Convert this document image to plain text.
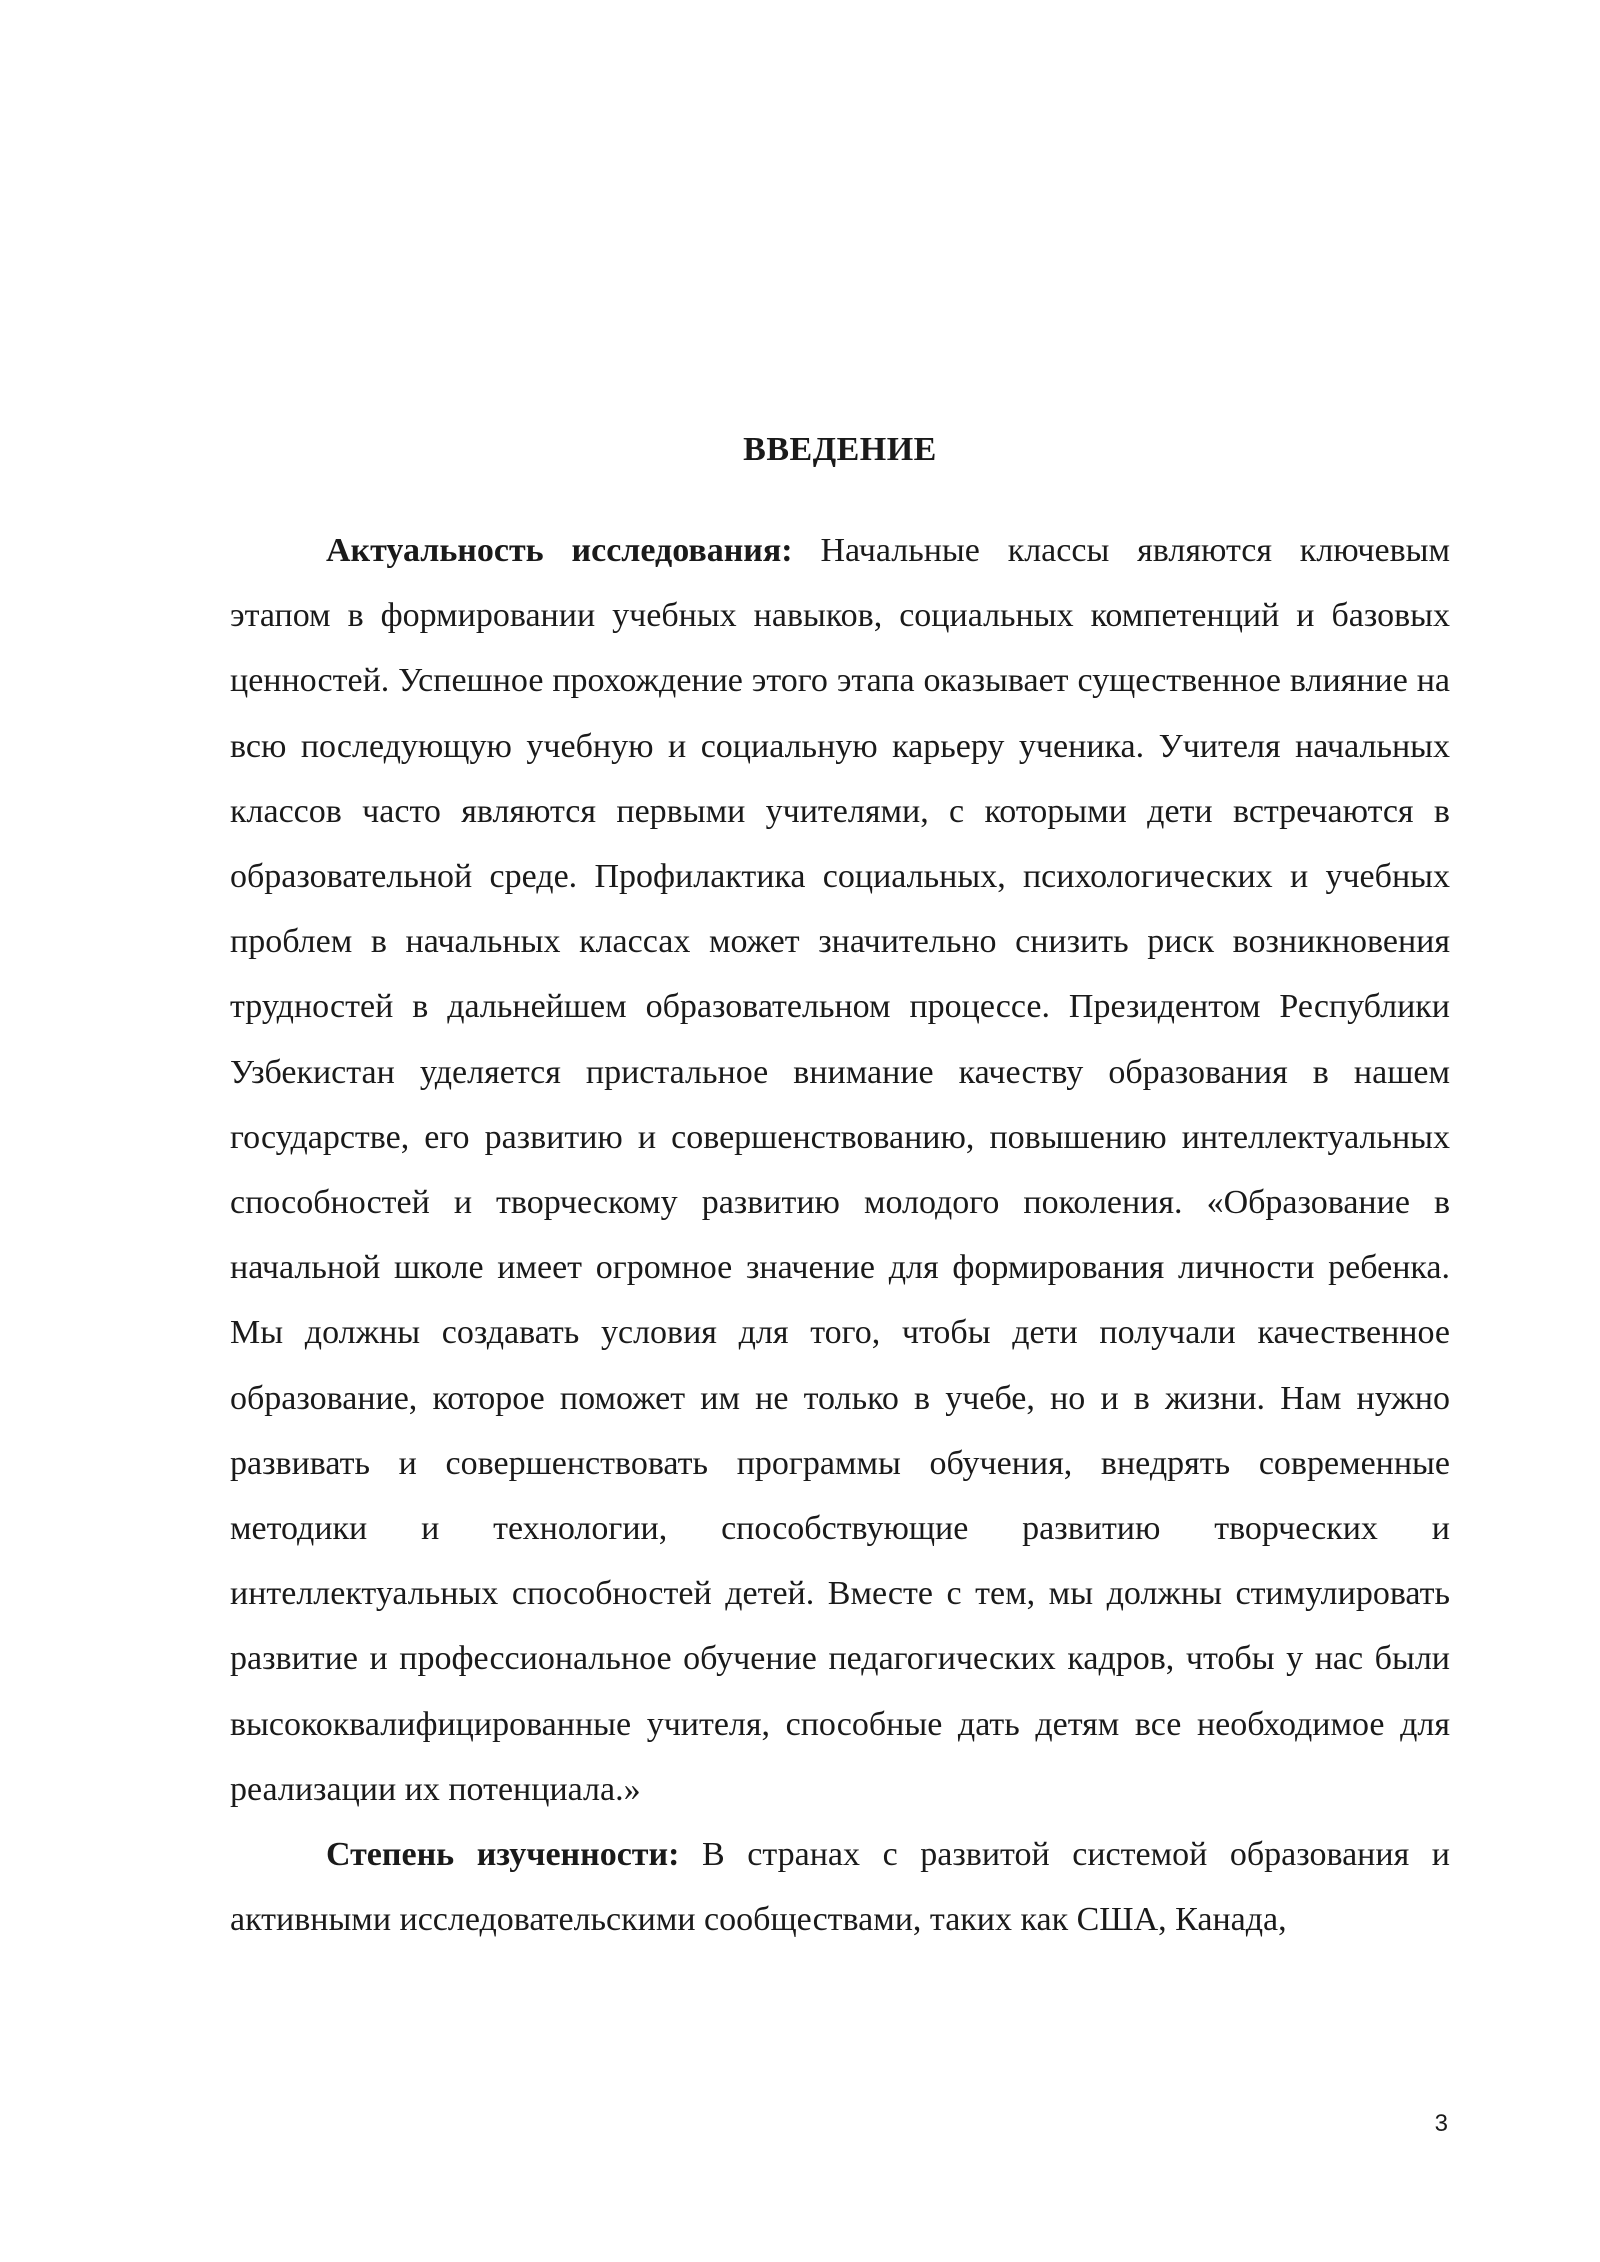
ВВЕДЕНИЕ

Актуальность исследования: Начальные классы являются ключевым этапом в формировании учебных навыков, социальных компетенций и базовых ценностей. Успешное прохождение этого этапа оказывает существенное влияние на всю последующую учебную и социальную карьеру ученика. Учителя начальных классов часто являются первыми учителями, с которыми дети встречаются в образовательной среде. Профилактика социальных, психологических и учебных проблем в начальных классах может значительно снизить риск возникновения трудностей в дальнейшем образовательном процессе. Президентом Республики Узбекистан уделяется пристальное внимание качеству образования в нашем государстве, его развитию и совершенствованию, повышению интеллектуальных способностей и творческому развитию молодого поколения. «Образование в начальной школе имеет огромное значение для формирования личности ребенка. Мы должны создавать условия для того, чтобы дети получали качественное образование, которое поможет им не только в учебе, но и в жизни. Нам нужно развивать и совершенствовать программы обучения, внедрять современные методики и технологии, способствующие развитию творческих и интеллектуальных способностей детей. Вместе с тем, мы должны стимулировать развитие и профессиональное обучение педагогических кадров, чтобы у нас были высококвалифицированные учителя, способные дать детям все необходимое для реализации их потенциала.»

Степень изученности: В странах с развитой системой образования и активными исследовательскими сообществами, таких как США, Канада,

3
